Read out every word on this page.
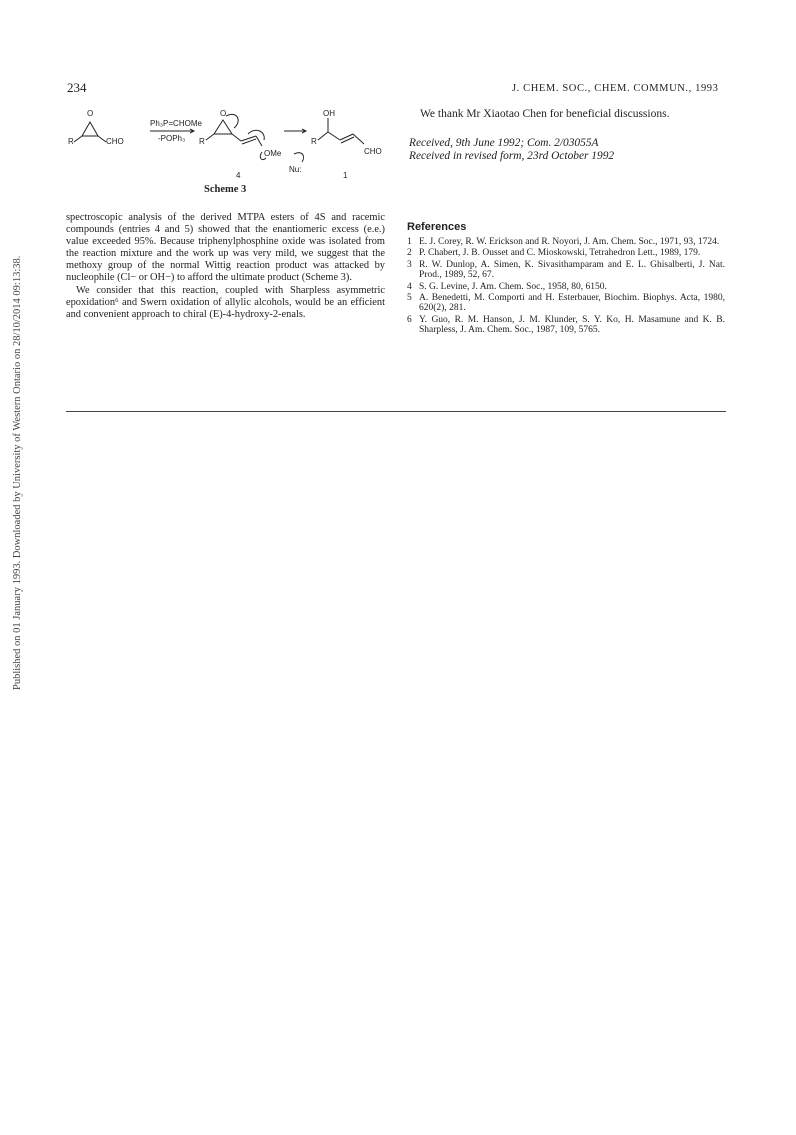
234	J. CHEM. SOC., CHEM. COMMUN., 1993
Published on 01 January 1993. Downloaded by University of Western Ontario on 28/10/2014 09:13:38.
O
R	CHO
Ph₃P=CHOMe
-POPh₃
O
R
OMe
Nu:
4
OH
R
CHO
1
Scheme 3

spectroscopic analysis of the derived MTPA esters of 4S and racemic compounds (entries 4 and 5) showed that the enantiomeric excess (e.e.) value exceeded 95%. Because triphenylphosphine oxide was isolated from the reaction mixture and the work up was very mild, we suggest that the methoxy group of the normal Wittig reaction product was attacked by nucleophile (Cl− or OH−) to afford the ultimate product (Scheme 3).

We consider that this reaction, coupled with Sharpless asymmetric epoxidation⁶ and Swern oxidation of allylic alcohols, would be an efficient and convenient approach to chiral (E)-4-hydroxy-2-enals.

We thank Mr Xiaotao Chen for beneficial discussions.
Received, 9th June 1992; Com. 2/03055A
Received in revised form, 23rd October 1992
References
1 E. J. Corey, R. W. Erickson and R. Noyori, J. Am. Chem. Soc., 1971, 93, 1724.
2 P. Chabert, J. B. Ousset and C. Mioskowski, Tetrahedron Lett., 1989, 179.
3 R. W. Dunlop, A. Simen, K. Sivasithamparam and E. L. Ghisalberti, J. Nat. Prod., 1989, 52, 67.
4 S. G. Levine, J. Am. Chem. Soc., 1958, 80, 6150.
5 A. Benedetti, M. Comporti and H. Esterbauer, Biochim. Biophys. Acta, 1980, 620(2), 281.
6 Y. Guo, R. M. Hanson, J. M. Klunder, S. Y. Ko, H. Masamune and K. B. Sharpless, J. Am. Chem. Soc., 1987, 109, 5765.
